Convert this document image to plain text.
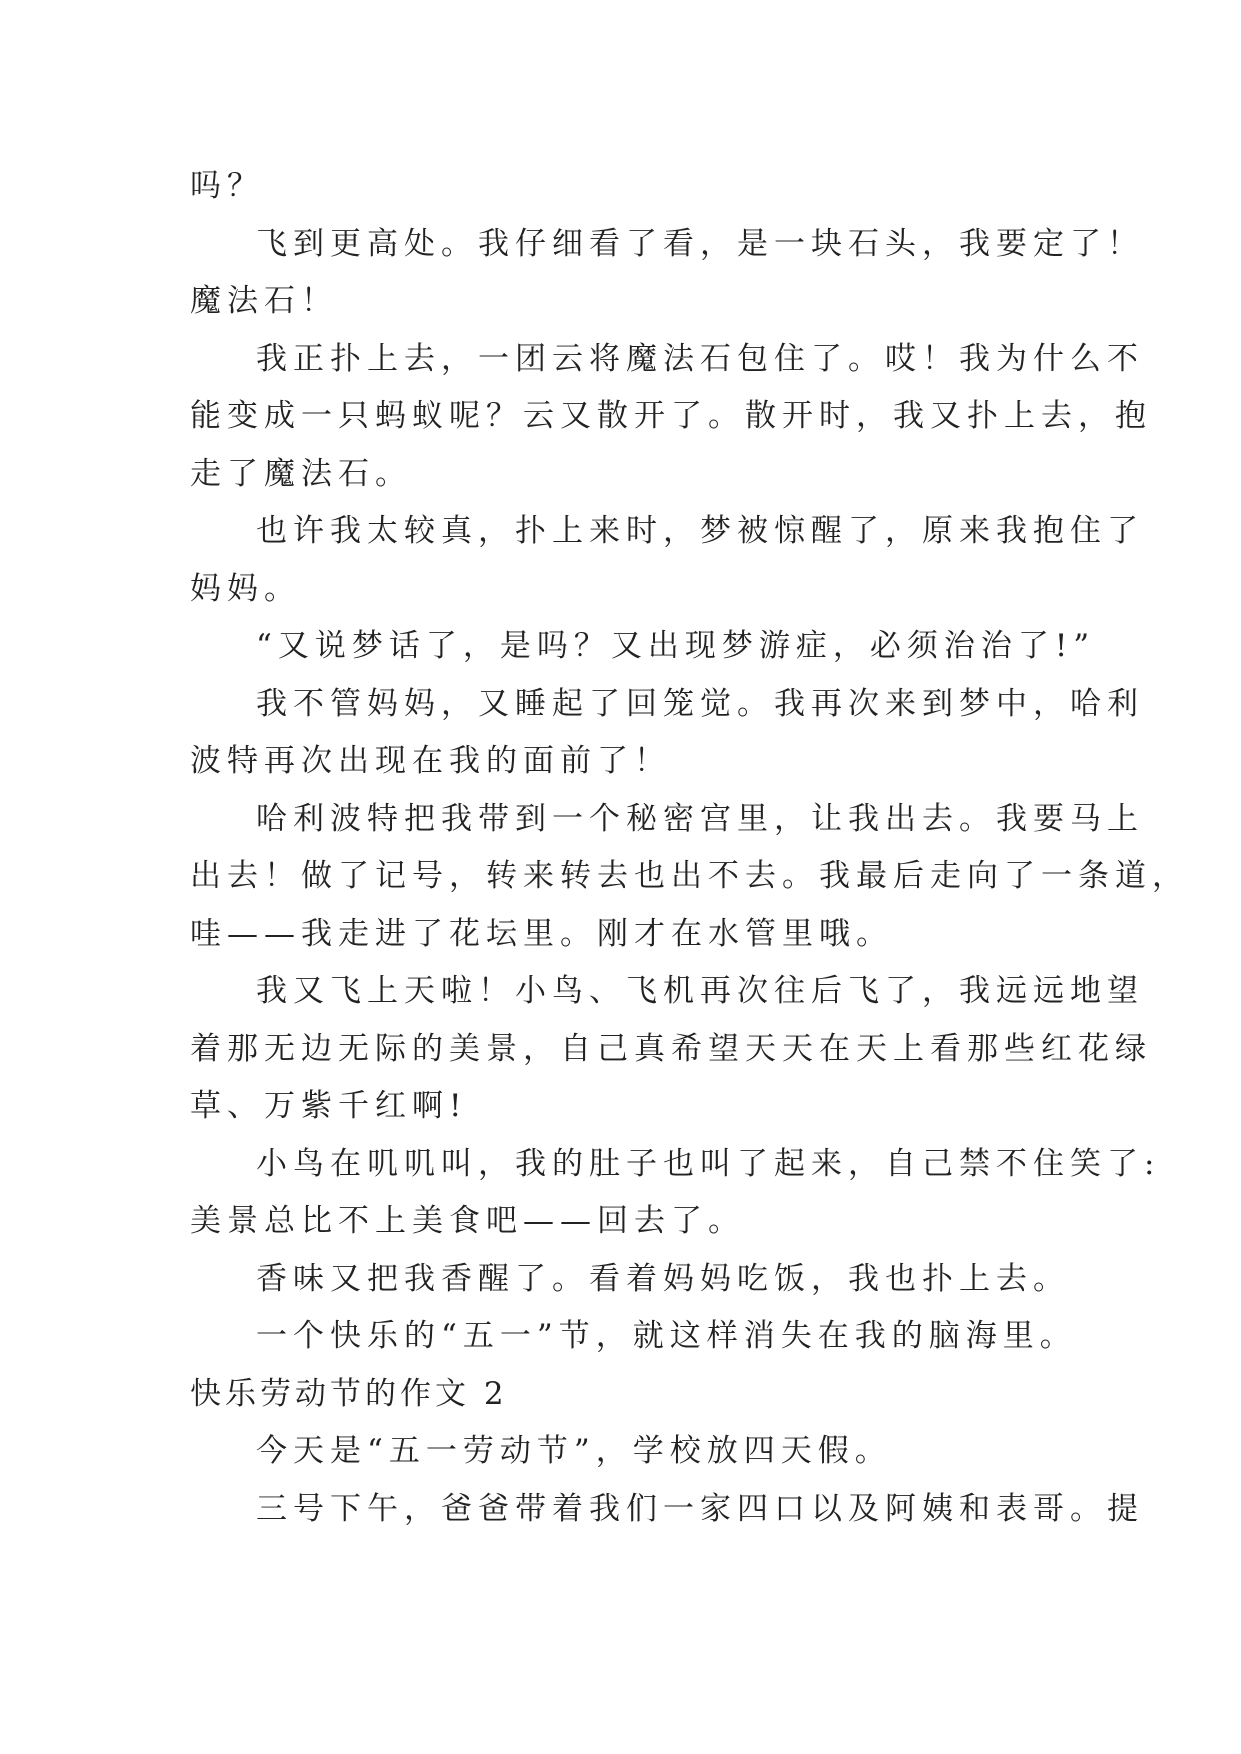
吗？
飞到更高处。我仔细看了看，是一块石头，我要定了！
魔法石！
我正扑上去，一团云将魔法石包住了。哎！我为什么不
能变成一只蚂蚁呢？云又散开了。散开时，我又扑上去，抱
走了魔法石。
也许我太较真，扑上来时，梦被惊醒了，原来我抱住了
妈妈。
“又说梦话了，是吗？又出现梦游症，必须治治了!”
我不管妈妈，又睡起了回笼觉。我再次来到梦中，哈利
波特再次出现在我的面前了！
哈利波特把我带到一个秘密宫里，让我出去。我要马上
出去！做了记号，转来转去也出不去。我最后走向了一条道，
哇——我走进了花坛里。刚才在水管里哦。
我又飞上天啦！小鸟、飞机再次往后飞了，我远远地望
着那无边无际的美景，自己真希望天天在天上看那些红花绿
草、万紫千红啊!
小鸟在叽叽叫，我的肚子也叫了起来，自己禁不住笑了:
美景总比不上美食吧——回去了。
香味又把我香醒了。看着妈妈吃饭，我也扑上去。
一个快乐的“五一”节，就这样消失在我的脑海里。
快乐劳动节的作文 2
今天是“五一劳动节”，学校放四天假。
三号下午，爸爸带着我们一家四口以及阿姨和表哥。提
